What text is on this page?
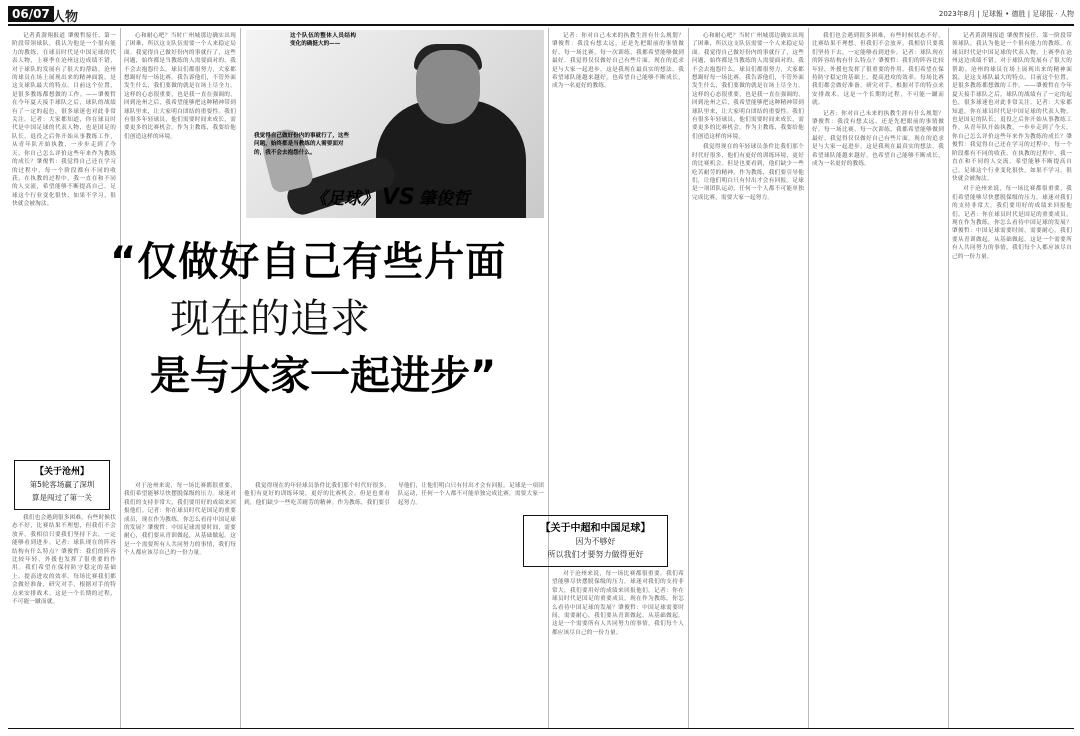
06/07 人物	2023年8月 | 足球報 • 德胜 | 足球报 · 人物

记者黄澍翔报道 肇俊哲接任、第一阶段带领球队，我认为他是一个很有能力的教练，在球员时代是中国足球的代表人物，上赛季在沧州这边成绩不错，对于球队的发展有了很大的帮助。沧州的球员在场上展现出来的精神面貌，是这支球队最大的特点。目前这个位置，是很多教练都想做的工作。——肇俊哲在今年夏天接手球队之后，球队的战绩有了一定的起色，很多球迷也对此非常关注。记者：大家都知道，你在球员时代是中国足球的代表人物，也是国足的队长，退役之后你开始从事教练工作，从青年队开始执教，一步步走到了今天。你自己怎么评价这些年来作为教练的成长？肇俊哲：我觉得自己还在学习的过程中，每一个阶段都有不同的收获。在执教的过程中，我一直在和不同的人交流，希望能够不断提高自己。足球这个行业变化很快，如果不学习，很快就会被淘汰。

心和耐心吧？当时广州城那边确实出现了困难，所以这支队伍需要一个人来稳定局面。我觉得自己做好份内的事就行了，这些问题，始终都是当教练的人需要面对的，我不会去抱怨什么。球员们都很努力，大家都想踢好每一场比赛。我告诉他们，不管外面发生什么，我们要做的就是在场上尽全力。这样的心态很重要，也是我一直在强调的。回到沧州之后，我希望能够把这种精神带到球队里来，让大家明白团结的重要性。我们有很多年轻球员，他们需要时间来成长，需要更多的比赛机会。作为主教练，我要给他们创造这样的环境。

这个队伍的整体人员结构变化的确挺大的——
我觉得自己做好份内的事就行了，这些问题，始终都是当教练的人需要面对的，我不会去抱怨什么。
《足球》 VS 肇俊哲
“仅做好自己有些片面
现在的追求
是与大家一起进步”
【关于沧州】
第5轮客场赢了深圳
算是闯过了第一关

我们也会遇到很多困难，有些时候状态不好，比赛结果不理想，但我们不会放弃。我相信只要我们坚持下去，一定能够看到进步。记者：球队现在的阵容结构有什么特点？肇俊哲：我们的阵容比较年轻，外援也发挥了很重要的作用。我们希望在保持防守稳定的基础上，提高进攻的效率。每场比赛我们都会做好准备，研究对手，根据对手的特点来安排战术。这是一个长期的过程，不可能一蹴而就。

对于沧州来说，每一场比赛都很重要，我们希望能够尽快摆脱保级的压力。球迷对我们的支持非常大，我们要用好的成绩来回报他们。记者：你在球员时代是国足的重要成员，现在作为教练，你怎么看待中国足球的发展？肇俊哲：中国足球需要时间，需要耐心，我们要从青训做起，从基础做起。这是一个需要所有人共同努力的事情，我们每个人都应该尽自己的一份力量。

我觉得现在的年轻球员条件比我们那个时代好很多，他们有更好的训练环境，更好的比赛机会。但是也要看到，他们缺少一些吃苦耐劳的精神。作为教练，我们要引导他们，让他们明白只有付出才会有回报。足球是一项团队运动，任何一个人都不可能单独完成比赛，需要大家一起努力。

记者：你对自己未来的执教生涯有什么规划？肇俊哲：我没有想太远，还是先把眼前的事情做好。每一场比赛，每一次训练，我都希望能够做到最好。我觉得仅仅做好自己有些片面，现在的追求是与大家一起进步。这是我现在最真实的想法。我希望球队能越来越好，也希望自己能够不断成长，成为一名更好的教练。

【关于中超和中国足球】
因为不够好
所以我们才要努力做得更好

对于沧州来说，每一场比赛都很重要，我们希望能够尽快摆脱保级的压力。球迷对我们的支持非常大，我们要用好的成绩来回报他们。记者：你在球员时代是国足的重要成员，现在作为教练，你怎么看待中国足球的发展？肇俊哲：中国足球需要时间，需要耐心，我们要从青训做起，从基础做起。这是一个需要所有人共同努力的事情，我们每个人都应该尽自己的一份力量。

心和耐心吧？当时广州城那边确实出现了困难，所以这支队伍需要一个人来稳定局面。我觉得自己做好份内的事就行了，这些问题，始终都是当教练的人需要面对的，我不会去抱怨什么。球员们都很努力，大家都想踢好每一场比赛。我告诉他们，不管外面发生什么，我们要做的就是在场上尽全力。这样的心态很重要，也是我一直在强调的。回到沧州之后，我希望能够把这种精神带到球队里来，让大家明白团结的重要性。我们有很多年轻球员，他们需要时间来成长，需要更多的比赛机会。作为主教练，我要给他们创造这样的环境。

我觉得现在的年轻球员条件比我们那个时代好很多，他们有更好的训练环境，更好的比赛机会。但是也要看到，他们缺少一些吃苦耐劳的精神。作为教练，我们要引导他们，让他们明白只有付出才会有回报。足球是一项团队运动，任何一个人都不可能单独完成比赛，需要大家一起努力。

我们也会遇到很多困难，有些时候状态不好，比赛结果不理想，但我们不会放弃。我相信只要我们坚持下去，一定能够看到进步。记者：球队现在的阵容结构有什么特点？肇俊哲：我们的阵容比较年轻，外援也发挥了很重要的作用。我们希望在保持防守稳定的基础上，提高进攻的效率。每场比赛我们都会做好准备，研究对手，根据对手的特点来安排战术。这是一个长期的过程，不可能一蹴而就。

记者：你对自己未来的执教生涯有什么规划？肇俊哲：我没有想太远，还是先把眼前的事情做好。每一场比赛，每一次训练，我都希望能够做到最好。我觉得仅仅做好自己有些片面，现在的追求是与大家一起进步。这是我现在最真实的想法。我希望球队能越来越好，也希望自己能够不断成长，成为一名更好的教练。

记者黄澍翔报道 肇俊哲接任、第一阶段带领球队，我认为他是一个很有能力的教练，在球员时代是中国足球的代表人物，上赛季在沧州这边成绩不错，对于球队的发展有了很大的帮助。沧州的球员在场上展现出来的精神面貌，是这支球队最大的特点。目前这个位置，是很多教练都想做的工作。——肇俊哲在今年夏天接手球队之后，球队的战绩有了一定的起色，很多球迷也对此非常关注。记者：大家都知道，你在球员时代是中国足球的代表人物，也是国足的队长，退役之后你开始从事教练工作，从青年队开始执教，一步步走到了今天。你自己怎么评价这些年来作为教练的成长？肇俊哲：我觉得自己还在学习的过程中，每一个阶段都有不同的收获。在执教的过程中，我一直在和不同的人交流，希望能够不断提高自己。足球这个行业变化很快，如果不学习，很快就会被淘汰。

对于沧州来说，每一场比赛都很重要，我们希望能够尽快摆脱保级的压力。球迷对我们的支持非常大，我们要用好的成绩来回报他们。记者：你在球员时代是国足的重要成员，现在作为教练，你怎么看待中国足球的发展？肇俊哲：中国足球需要时间，需要耐心，我们要从青训做起，从基础做起。这是一个需要所有人共同努力的事情，我们每个人都应该尽自己的一份力量。
